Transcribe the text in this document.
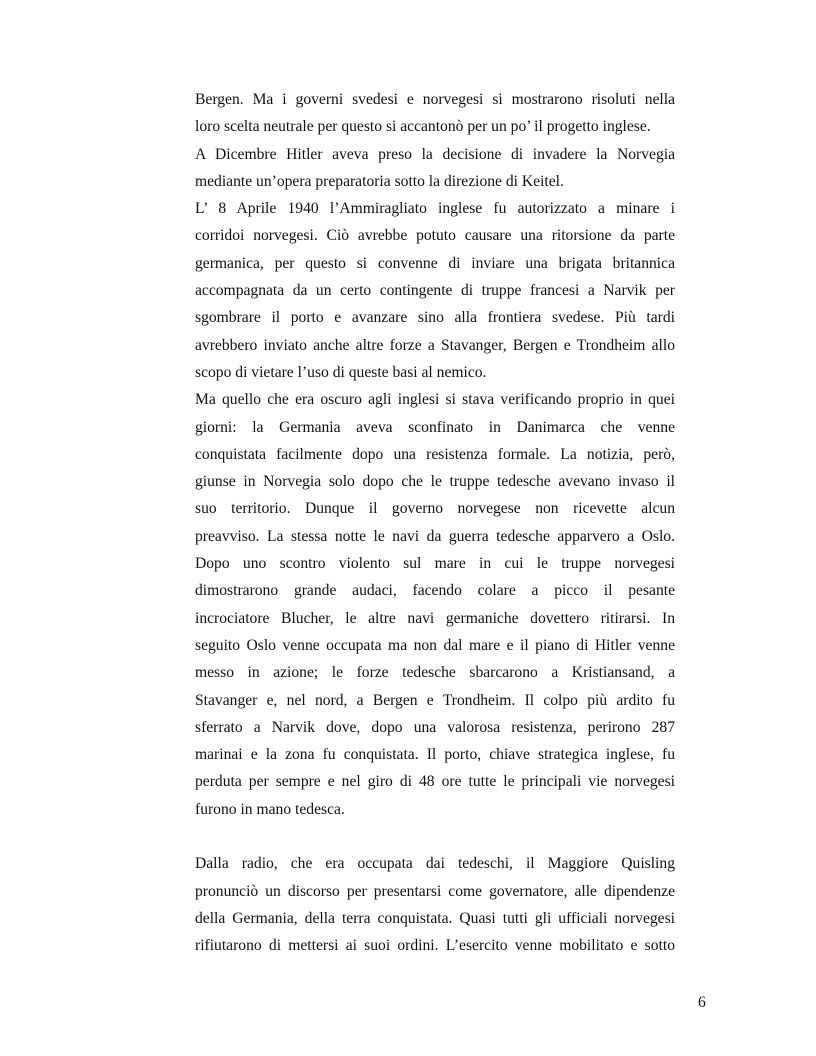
Bergen. Ma i governi svedesi e norvegesi si mostrarono risoluti nella
loro scelta neutrale per questo si accantonò per un po’ il progetto inglese.
A Dicembre Hitler aveva preso la decisione di invadere la Norvegia
mediante un’opera preparatoria sotto la direzione di Keitel.
L’ 8 Aprile 1940 l’Ammiragliato inglese fu autorizzato a minare i
corridoi norvegesi. Ciò avrebbe potuto causare una ritorsione da parte
germanica, per questo si convenne di inviare una brigata britannica
accompagnata da un certo contingente di truppe francesi a Narvik per
sgombrare il porto e avanzare sino alla frontiera svedese. Più tardi
avrebbero inviato anche altre forze a Stavanger, Bergen e Trondheim allo
scopo di vietare l’uso di queste basi al nemico.
Ma quello che era oscuro agli inglesi si stava verificando proprio in quei
giorni: la Germania aveva sconfinato in Danimarca che venne
conquistata facilmente dopo una resistenza formale. La notizia, però,
giunse in Norvegia solo dopo che le truppe tedesche avevano invaso il
suo territorio. Dunque il governo norvegese non ricevette alcun
preavviso. La stessa notte le navi da guerra tedesche apparvero a Oslo.
Dopo uno scontro violento sul mare in cui le truppe norvegesi
dimostrarono grande audaci, facendo colare a picco il pesante
incrociatore Blucher, le altre navi germaniche dovettero ritirarsi. In
seguito Oslo venne occupata ma non dal mare e il piano di Hitler venne
messo in azione; le forze tedesche sbarcarono a Kristiansand, a
Stavanger e, nel nord, a Bergen e Trondheim. Il colpo più ardito fu
sferrato a Narvik dove, dopo una valorosa resistenza, perirono 287
marinai e la zona fu conquistata. Il porto, chiave strategica inglese, fu
perduta per sempre e nel giro di 48 ore tutte le principali vie norvegesi
furono in mano tedesca.
Dalla radio, che era occupata dai tedeschi, il Maggiore Quisling
pronunciò un discorso per presentarsi come governatore, alle dipendenze
della Germania, della terra conquistata. Quasi tutti gli ufficiali norvegesi
rifiutarono di mettersi ai suoi ordini. L’esercito venne mobilitato e sotto
6
